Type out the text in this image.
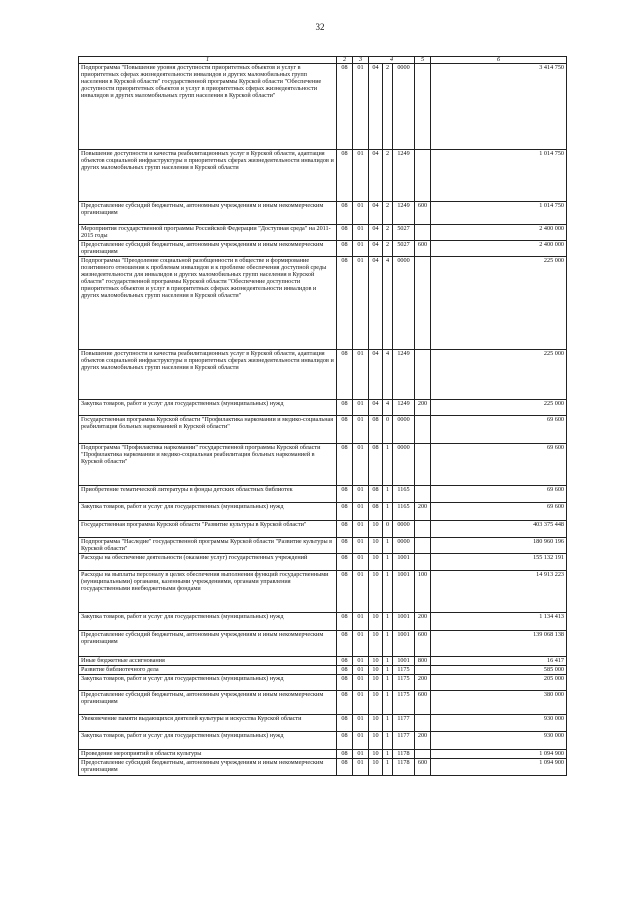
32
1	2	3	4			5	6
Подпрограмма "Повышение уровня доступности приоритетных объектов и услуг в приоритетных сферах жизнедеятельности инвалидов и других маломобильных групп населения в Курской области" государственной программы Курской области "Обеспечение доступности приоритетных объектов и услуг в приоритетных сферах жизнедеятельности инвалидов и других маломобильных групп населения в Курской области"	08	01	04	2	0000		3 414 750
Повышение доступности и качества реабилитационных услуг в Курской области, адаптация объектов социальной инфраструктуры в приоритетных сферах жизнедеятельности инвалидов и других маломобильных групп населения в Курской области	08	01	04	2	1249		1 014 750
Предоставление субсидий бюджетным, автономным учреждениям и иным некоммерческим организациям	08	01	04	2	1249	600	1 014 750
Мероприятия государственной программы Российской Федерации "Доступная среда" на 2011-2015 годы	08	01	04	2	5027		2 400 000
Предоставление субсидий бюджетным, автономным учреждениям и иным некоммерческим организациям	08	01	04	2	5027	600	2 400 000
Подпрограмма "Преодоление социальной разобщенности в обществе и формирование позитивного отношения к проблемам инвалидов и к проблеме обеспечения доступной среды жизнедеятельности для инвалидов и других маломобильных групп населения в Курской области" государственной программы Курской области "Обеспечение доступности приоритетных объектов и услуг в приоритетных сферах жизнедеятельности инвалидов и других маломобильных групп населения в Курской области"	08	01	04	4	0000		225 000
Повышение доступности и качества реабилитационных услуг в Курской области, адаптация объектов социальной инфраструктуры в приоритетных сферах жизнедеятельности инвалидов и других маломобильных групп населения в Курской области	08	01	04	4	1249		225 000
Закупка товаров, работ и услуг для государственных (муниципальных) нужд	08	01	04	4	1249	200	225 000
Государственная программа Курской области "Профилактика наркомании и медико-социальная реабилитация больных наркоманией в Курской области"	08	01	08	0	0000		69 600
Подпрограмма "Профилактика наркомании" государственной программы Курской области "Профилактика наркомании и медико-социальная реабилитация больных наркоманией в Курской области"	08	01	08	1	0000		69 600
Приобретение тематической литературы в фонды детских областных библиотек	08	01	08	1	1165		69 600
Закупка товаров, работ и услуг для государственных (муниципальных) нужд	08	01	08	1	1165	200	69 600
Государственная программа Курской области "Развитие культуры в Курской области"	08	01	10	0	0000		403 375 448
Подпрограмма "Наследие" государственной программы Курской области "Развитие культуры в Курской области"	08	01	10	1	0000		180 960 196
Расходы на обеспечение деятельности (оказание услуг) государственных учреждений	08	01	10	1	1001		155 132 191
Расходы на выплаты персоналу в целях обеспечения выполнения функций государственными (муниципальными) органами, казенными учреждениями, органами управления государственными внебюджетными фондами	08	01	10	1	1001	100	14 913 223
Закупка товаров, работ и услуг для государственных (муниципальных) нужд	08	01	10	1	1001	200	1 134 413
Предоставление субсидий бюджетным, автономным учреждениям и иным некоммерческим организациям	08	01	10	1	1001	600	139 068 138
Иные бюджетные ассигнования	08	01	10	1	1001	800	16 417
Развитие библиотечного дела	08	01	10	1	1175		585 000
Закупка товаров, работ и услуг для государственных (муниципальных) нужд	08	01	10	1	1175	200	205 000
Предоставление субсидий бюджетным, автономным учреждениям и иным некоммерческим организациям	08	01	10	1	1175	600	380 000
Увековечение памяти выдающихся деятелей культуры и искусства Курской области	08	01	10	1	1177		930 000
Закупка товаров, работ и услуг для государственных (муниципальных) нужд	08	01	10	1	1177	200	930 000
Проведение мероприятий в области культуры	08	01	10	1	1178		1 094 900
Предоставление субсидий бюджетным, автономным учреждениям и иным некоммерческим организациям	08	01	10	1	1178	600	1 094 900
